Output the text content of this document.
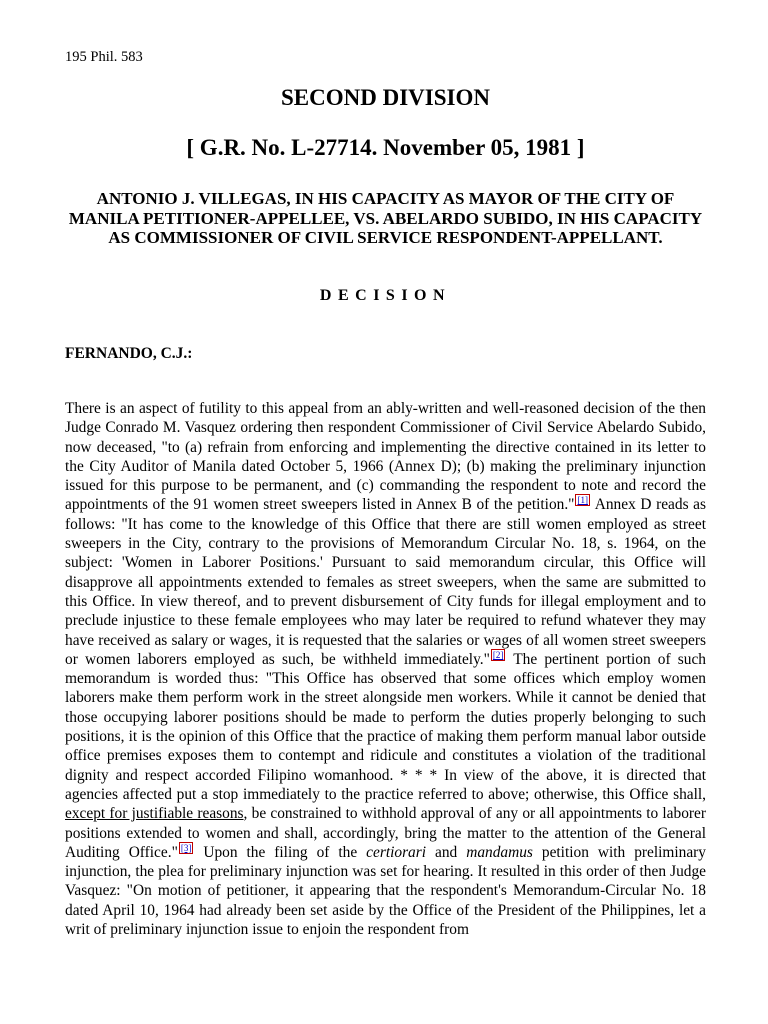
195 Phil. 583
SECOND DIVISION
[ G.R. No. L-27714. November 05, 1981 ]
ANTONIO J. VILLEGAS, IN HIS CAPACITY AS MAYOR OF THE CITY OF MANILA PETITIONER-APPELLEE, VS. ABELARDO SUBIDO, IN HIS CAPACITY AS COMMISSIONER OF CIVIL SERVICE RESPONDENT-APPELLANT.
DECISION
FERNANDO, C.J.:
There is an aspect of futility to this appeal from an ably-written and well-reasoned decision of the then Judge Conrado M. Vasquez ordering then respondent Commissioner of Civil Service Abelardo Subido, now deceased, "to (a) refrain from enforcing and implementing the directive contained in its letter to the City Auditor of Manila dated October 5, 1966 (Annex D); (b) making the preliminary injunction issued for this purpose to be permanent, and (c) commanding the respondent to note and record the appointments of the 91 women street sweepers listed in Annex B of the petition." [1] Annex D reads as follows: "It has come to the knowledge of this Office that there are still women employed as street sweepers in the City, contrary to the provisions of Memorandum Circular No. 18, s. 1964, on the subject: 'Women in Laborer Positions.' Pursuant to said memorandum circular, this Office will disapprove all appointments extended to females as street sweepers, when the same are submitted to this Office. In view thereof, and to prevent disbursement of City funds for illegal employment and to preclude injustice to these female employees who may later be required to refund whatever they may have received as salary or wages, it is requested that the salaries or wages of all women street sweepers or women laborers employed as such, be withheld immediately." [2] The pertinent portion of such memorandum is worded thus: "This Office has observed that some offices which employ women laborers make them perform work in the street alongside men workers. While it cannot be denied that those occupying laborer positions should be made to perform the duties properly belonging to such positions, it is the opinion of this Office that the practice of making them perform manual labor outside office premises exposes them to contempt and ridicule and constitutes a violation of the traditional dignity and respect accorded Filipino womanhood. * * * In view of the above, it is directed that agencies affected put a stop immediately to the practice referred to above; otherwise, this Office shall, except for justifiable reasons, be constrained to withhold approval of any or all appointments to laborer positions extended to women and shall, accordingly, bring the matter to the attention of the General Auditing Office." [3] Upon the filing of the certiorari and mandamus petition with preliminary injunction, the plea for preliminary injunction was set for hearing. It resulted in this order of then Judge Vasquez: "On motion of petitioner, it appearing that the respondent's Memorandum-Circular No. 18 dated April 10, 1964 had already been set aside by the Office of the President of the Philippines, let a writ of preliminary injunction issue to enjoin the respondent from
